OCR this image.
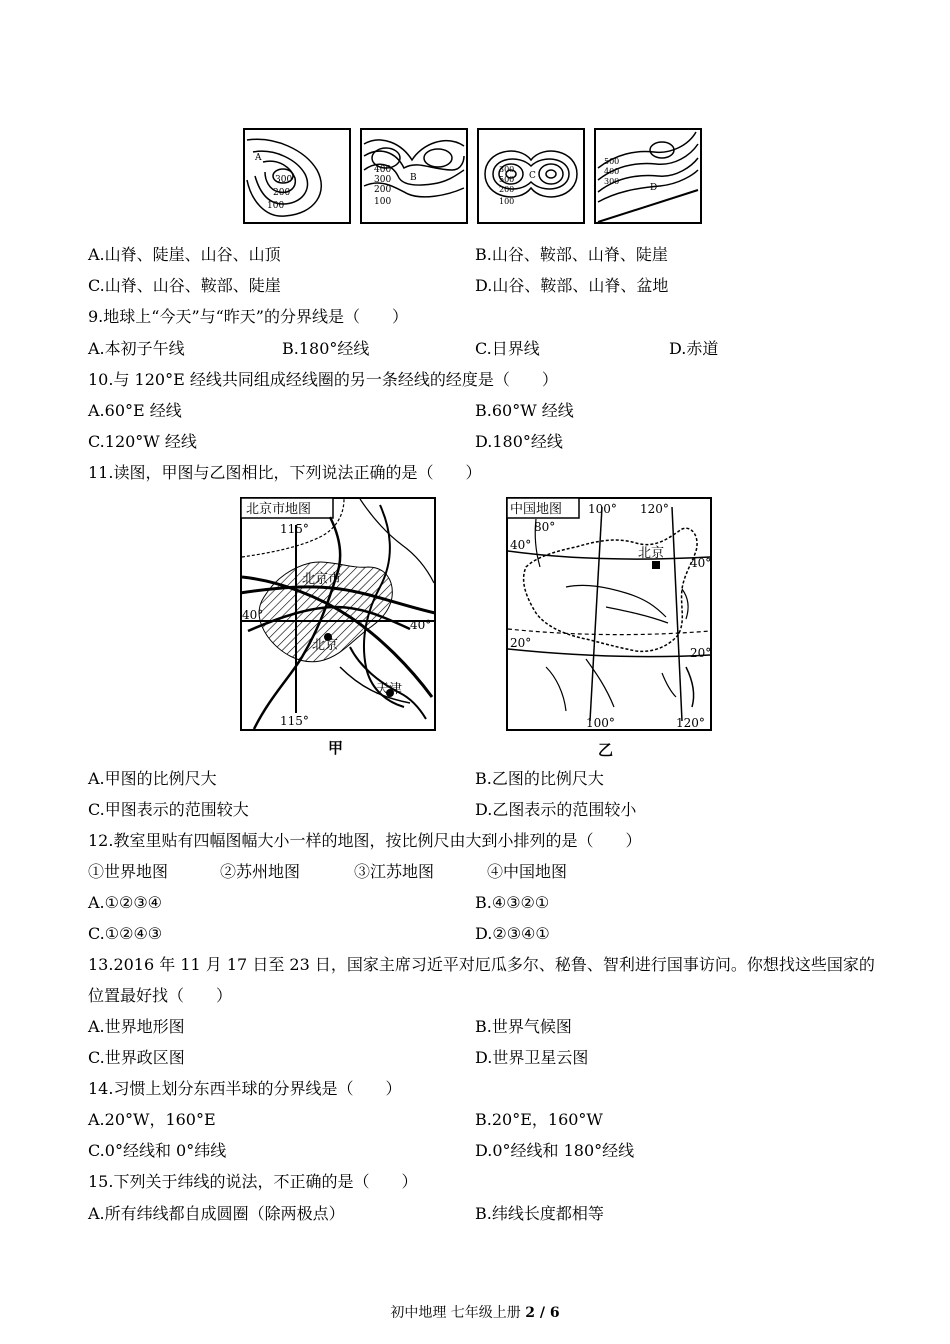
A
300
200
100
B
400
300
200
100
300
500
200
C
100
500
400
300
D
A.山脊、陡崖、山谷、山顶	B.山谷、鞍部、山脊、陡崖
C.山脊、山谷、鞍部、陡崖	D.山谷、鞍部、山脊、盆地
9.地球上“今天”与“昨天”的分界线是（　　）
A.本初子午线	B.180°经线	C.日界线	D.赤道
10.与 120°E 经线共同组成经线圈的另一条经线的经度是（　　）
A.60°E 经线	B.60°W 经线
C.120°W 经线	D.180°经线
11.读图，甲图与乙图相比，下列说法正确的是（　　）
北京市地图
115°
115°
40°
40°
北京市
北京
天津
甲
中国地图 100° 120°
80°
40°
40°
20°
20°
100°	120°
北京
乙
A.甲图的比例尺大	B.乙图的比例尺大
C.甲图表示的范围较大	D.乙图表示的范围较小
12.教室里贴有四幅图幅大小一样的地图，按比例尺由大到小排列的是（　　）
①世界地图	②苏州地图	③江苏地图	④中国地图
A.①②③④	B.④③②①
C.①②④③	D.②③④①
13.2016 年 11 月 17 日至 23 日，国家主席习近平对厄瓜多尔、秘鲁、智利进行国事访问。你想找这些国家的
位置最好找（　　）
A.世界地形图	B.世界气候图
C.世界政区图	D.世界卫星云图
14.习惯上划分东西半球的分界线是（　　）
A.20°W，160°E	B.20°E，160°W
C.0°经线和 0°纬线	D.0°经线和 180°经线
15.下列关于纬线的说法，不正确的是（　　）
A.所有纬线都自成圆圈（除两极点）	B.纬线长度都相等
初中地理 七年级上册 2 / 6
